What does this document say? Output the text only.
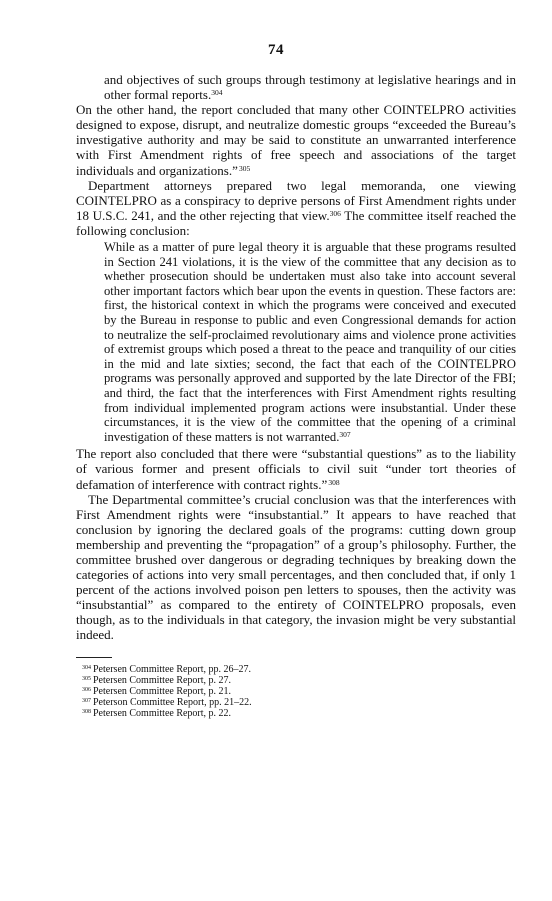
74

and objectives of such groups through testimony at legislative hearings and in other formal reports.$^{304}$

On the other hand, the report concluded that many other COINTELPRO activities designed to expose, disrupt, and neutralize domestic groups “exceeded the Bureau’s investigative authority and may be said to constitute an unwarranted interference with First Amendment rights of free speech and associations of the target individuals and organizations.” $^{305}$

Department attorneys prepared two legal memoranda, one viewing COINTELPRO as a conspiracy to deprive persons of First Amendment rights under 18 U.S.C. 241, and the other rejecting that view.$^{306}$ The committee itself reached the following conclusion:

While as a matter of pure legal theory it is arguable that these programs resulted in Section 241 violations, it is the view of the committee that any decision as to whether prosecution should be undertaken must also take into account several other important factors which bear upon the events in question. These factors are: first, the historical context in which the programs were conceived and executed by the Bureau in response to public and even Congressional demands for action to neutralize the self-proclaimed revolutionary aims and violence prone activities of extremist groups which posed a threat to the peace and tranquility of our cities in the mid and late sixties; second, the fact that each of the COINTELPRO programs was personally approved and supported by the late Director of the FBI; and third, the fact that the interferences with First Amendment rights resulting from individual implemented program actions were insubstantial. Under these circumstances, it is the view of the committee that the opening of a criminal investigation of these matters is not warranted.$^{307}$

The report also concluded that there were “substantial questions” as to the liability of various former and present officials to civil suit “under tort theories of defamation of interference with contract rights.” $^{308}$

The Departmental committee’s crucial conclusion was that the interferences with First Amendment rights were “insubstantial.” It appears to have reached that conclusion by ignoring the declared goals of the programs: cutting down group membership and preventing the “propagation” of a group’s philosophy. Further, the committee brushed over dangerous or degrading techniques by breaking down the categories of actions into very small percentages, and then concluded that, if only 1 percent of the actions involved poison pen letters to spouses, then the activity was “insubstantial” as compared to the entirety of COINTELPRO proposals, even though, as to the individuals in that category, the invasion might be very substantial indeed.

$^{304}$ Petersen Committee Report, pp. 26–27.
$^{305}$ Petersen Committee Report, p. 27.
$^{306}$ Petersen Committee Report, p. 21.
$^{307}$ Peterson Committee Report, pp. 21–22.
$^{308}$ Petersen Committee Report, p. 22.
